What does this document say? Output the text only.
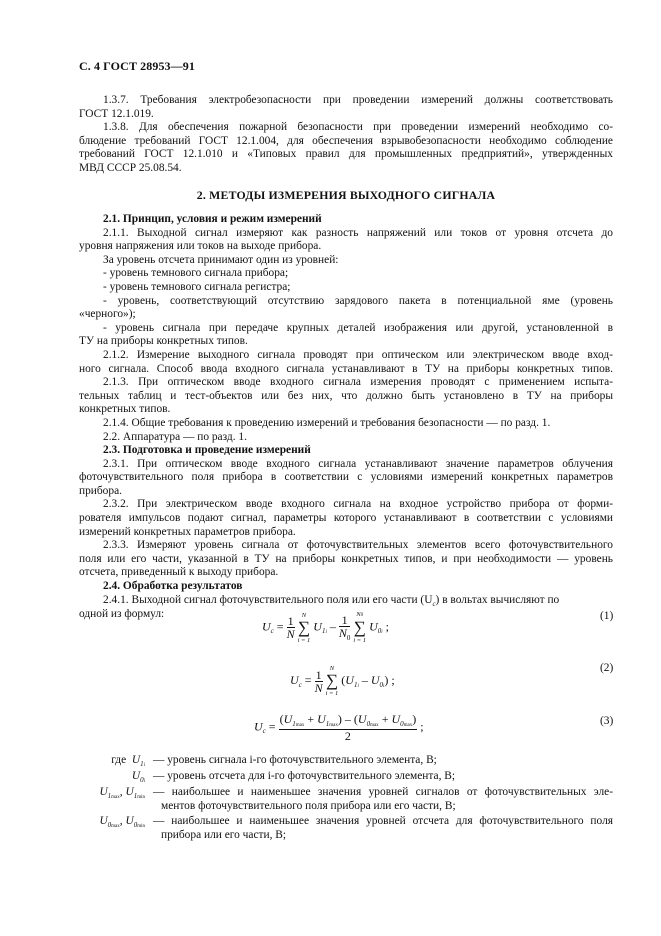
С. 4 ГОСТ 28953—91
1.3.7. Требования электробезопасности при проведении измерений должны соответствовать
ГОСТ 12.1.019.
1.3.8. Для обеспечения пожарной безопасности при проведении измерений необходимо со-
блюдение требований ГОСТ 12.1.004, для обеспечения взрывобезопасности необходимо соблюдение
требований ГОСТ 12.1.010 и «Типовых правил для промышленных предприятий», утвержденных
МВД СССР 25.08.54.
2. МЕТОДЫ ИЗМЕРЕНИЯ ВЫХОДНОГО СИГНАЛА
2.1. Принцип, условия и режим измерений
2.1.1. Выходной сигнал измеряют как разность напряжений или токов от уровня отсчета до
уровня напряжения или токов на выходе прибора.
За уровень отсчета принимают один из уровней:
- уровень темнового сигнала прибора;
- уровень темнового сигнала регистра;
- уровень, соответствующий отсутствию зарядового пакета в потенциальной яме (уровень
«черного»);
- уровень сигнала при передаче крупных деталей изображения или другой, установленной в
ТУ на приборы конкретных типов.
2.1.2. Измерение выходного сигнала проводят при оптическом или электрическом вводе вход-
ного сигнала. Способ ввода входного сигнала устанавливают в ТУ на приборы конкретных типов.
2.1.3. При оптическом вводе входного сигнала измерения проводят с применением испыта-
тельных таблиц и тест-объектов или без них, что должно быть установлено в ТУ на приборы
конкретных типов.
2.1.4. Общие требования к проведению измерений и требования безопасности — по разд. 1.
2.2. Аппаратура — по разд. 1.
2.3. Подготовка и проведение измерений
2.3.1. При оптическом вводе входного сигнала устанавливают значение параметров облучения
фоточувствительного поля прибора в соответствии с условиями измерений конкретных параметров
прибора.
2.3.2. При электрическом вводе входного сигнала на входное устройство прибора от форми-
рователя импульсов подают сигнал, параметры которого устанавливают в соответствии с условиями
измерений конкретных параметров прибора.
2.3.3. Измеряют уровень сигнала от фоточувствительных элементов всего фоточувствительного
поля или его части, указанной в ТУ на приборы конкретных типов, и при необходимости — уровень
отсчета, приведенный к выходу прибора.
2.4. Обработка результатов
2.4.1. Выходной сигнал фоточувствительного поля или его части $(U_c)$ в вольтах вычисляют по
одной из формул:
$U_c = \frac{1}{N}$
	N
∑
i = 1
$U_{1i} - \frac{1}{N_0}$
N0
∑
i = 1
$U_{0i}$ ;
(1)
$U_c = \frac{1}{N}$
	N
∑
i = 1
$(U_{1i} - U_{0i})$ ;
(2)
$U_c$ =
$(U_{1max} + U_{1max}) - (U_{0max} + U_{0max})$
2
;	(3)
где $U_{1i}$ — уровень сигнала i-го фоточувствительного элемента, В;
$U_{0i}$ — уровень отсчета для i-го фоточувствительного элемента, В;
$U_{1max}$, $U_{1min}$ — наибольшее и наименьшее значения уровней сигналов от фоточувствительных эле-
ментов фоточувствительного поля прибора или его части, В;
$U_{0max}$, $U_{0min}$ — наибольшее и наименьшее значения уровней отсчета для фоточувствительного поля
прибора или его части, В;
